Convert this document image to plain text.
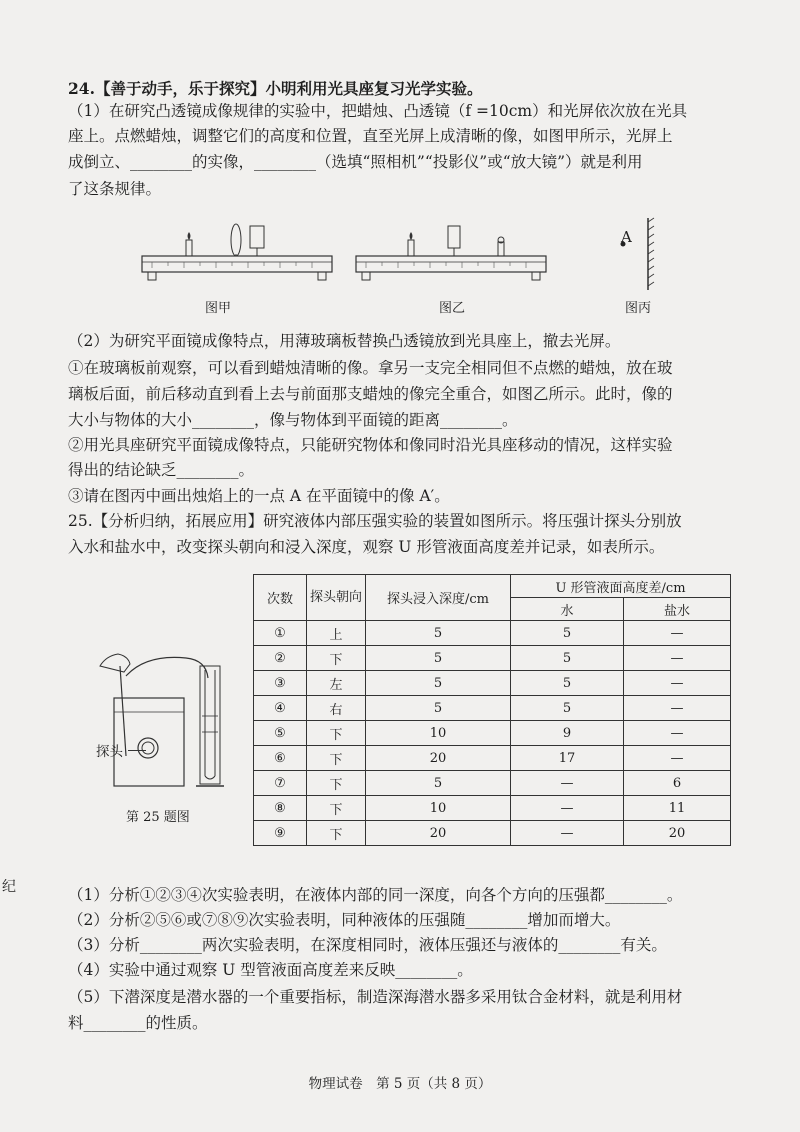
24.【善于动手，乐于探究】小明利用光具座复习光学实验。
（1）在研究凸透镜成像规律的实验中，把蜡烛、凸透镜（f =10cm）和光屏依次放在光具
座上。点燃蜡烛，调整它们的高度和位置，直至光屏上成清晰的像，如图甲所示，光屏上
成倒立、________的实像，________（选填“照相机”“投影仪”或“放大镜”）就是利用
了这条规律。
图甲	图乙
A
图丙
（2）为研究平面镜成像特点，用薄玻璃板替换凸透镜放到光具座上，撤去光屏。
①在玻璃板前观察，可以看到蜡烛清晰的像。拿另一支完全相同但不点燃的蜡烛，放在玻
璃板后面，前后移动直到看上去与前面那支蜡烛的像完全重合，如图乙所示。此时，像的
大小与物体的大小________，像与物体到平面镜的距离________。
②用光具座研究平面镜成像特点，只能研究物体和像同时沿光具座移动的情况，这样实验
得出的结论缺乏________。
③请在图丙中画出烛焰上的一点 A 在平面镜中的像 A′。
25.【分析归纳，拓展应用】研究液体内部压强实验的装置如图所示。将压强计探头分别放
入水和盐水中，改变探头朝向和浸入深度，观察 U 形管液面高度差并记录，如表所示。
探头
第 25 题图
次数	探头朝向	探头浸入深度/cm	U 形管液面高度差/cm	
			水	盐水
①	上	5	5	—
②	下	5	5	—
③	左	5	5	—
④	右	5	5	—
⑤	下	10	9	—
⑥	下	20	17	—
⑦	下	5	—	6
⑧	下	10	—	11
⑨	下	20	—	20
（1）分析①②③④次实验表明，在液体内部的同一深度，向各个方向的压强都________。
（2）分析②⑤⑥或⑦⑧⑨次实验表明，同种液体的压强随________增加而增大。
（3）分析________两次实验表明，在深度相同时，液体压强还与液体的________有关。
（4）实验中通过观察 U 型管液面高度差来反映________。
（5）下潜深度是潜水器的一个重要指标，制造深海潜水器多采用钛合金材料，就是利用材
料________的性质。
纪
物理试卷　第 5 页（共 8 页）
